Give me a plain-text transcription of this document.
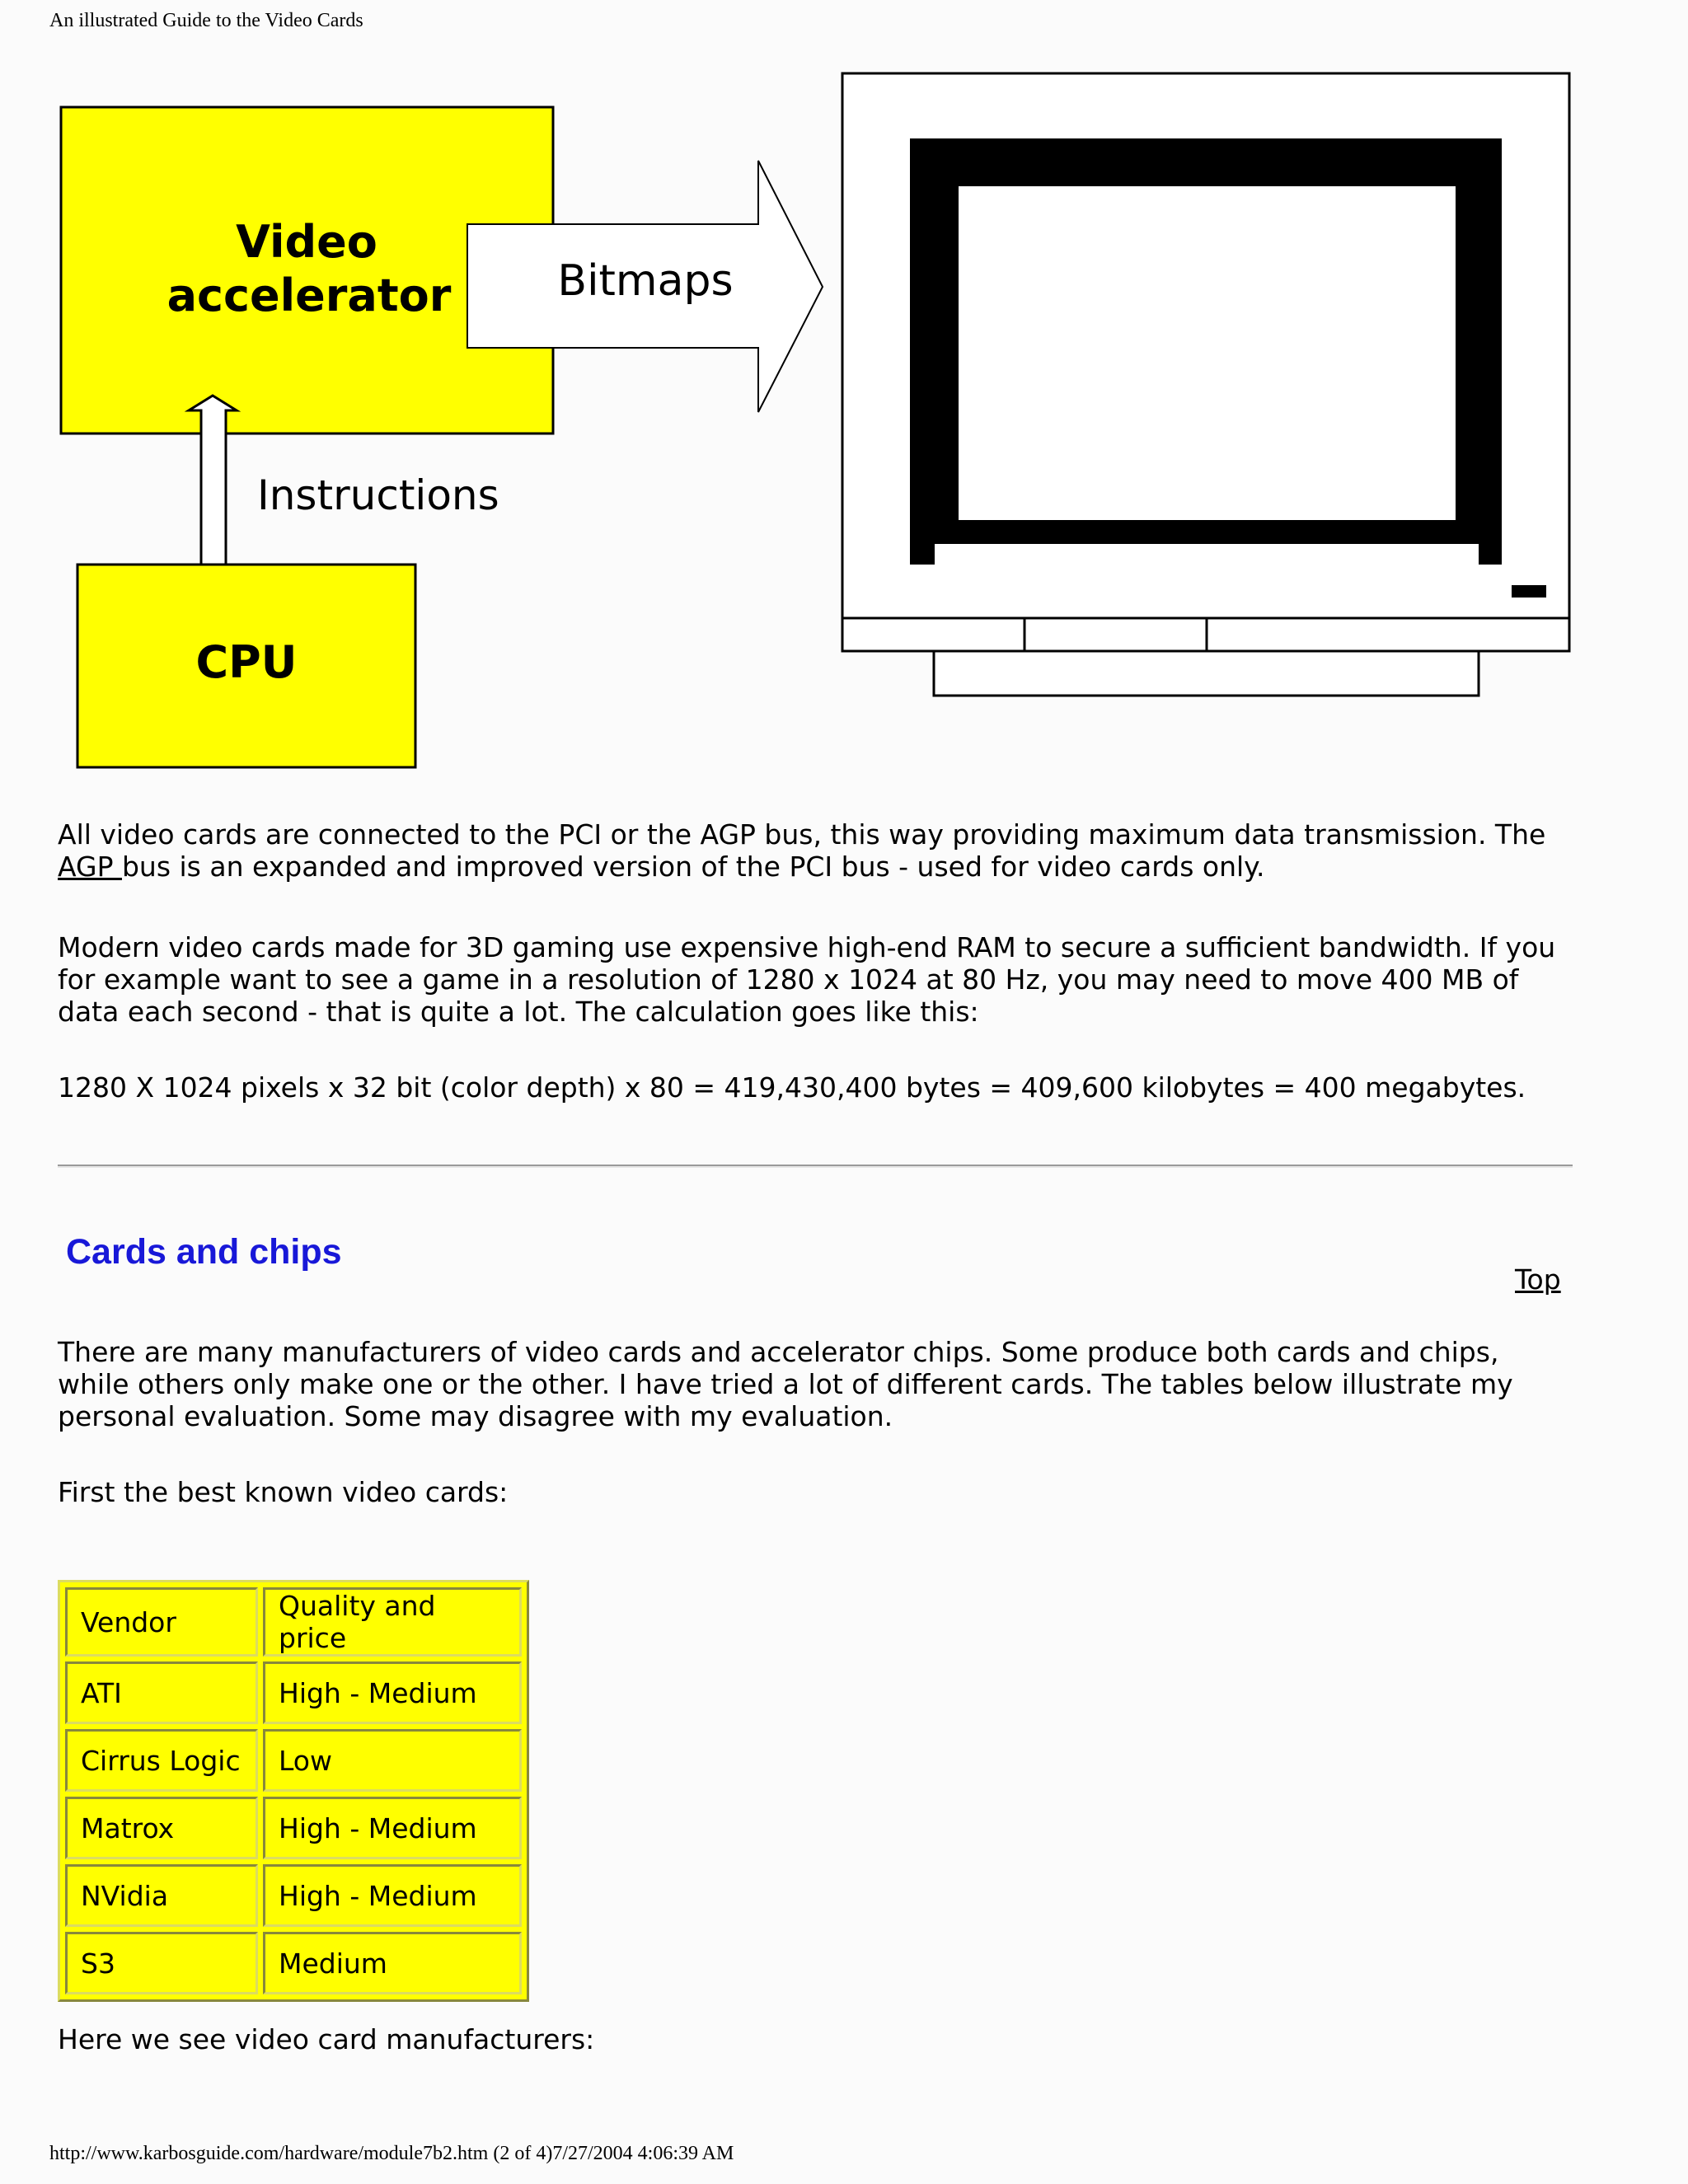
An illustrated Guide to the Video Cards
Video
accelerator Bitmaps
Instructions
CPU

All video cards are connected to the PCI or the AGP bus, this way providing maximum data transmission. The AGP bus is an expanded and improved version of the PCI bus - used for video cards only.

Modern video cards made for 3D gaming use expensive high-end RAM to secure a sufficient bandwidth. If you for example want to see a game in a resolution of 1280 x 1024 at 80 Hz, you may need to move 400 MB of data each second - that is quite a lot. The calculation goes like this:

1280 X 1024 pixels x 32 bit (color depth) x 80 = 419,430,400 bytes = 409,600 kilobytes = 400 megabytes.

Cards and chips
Top

There are many manufacturers of video cards and accelerator chips. Some produce both cards and chips, while others only make one or the other. I have tried a lot of different cards. The tables below illustrate my personal evaluation. Some may disagree with my evaluation.

First the best known video cards:

Vendor	Quality and price
ATI	High - Medium
Cirrus Logic	Low
Matrox	High - Medium
NVidia	High - Medium
S3	Medium

Here we see video card manufacturers:

http://www.karbosguide.com/hardware/module7b2.htm (2 of 4)7/27/2004 4:06:39 AM
